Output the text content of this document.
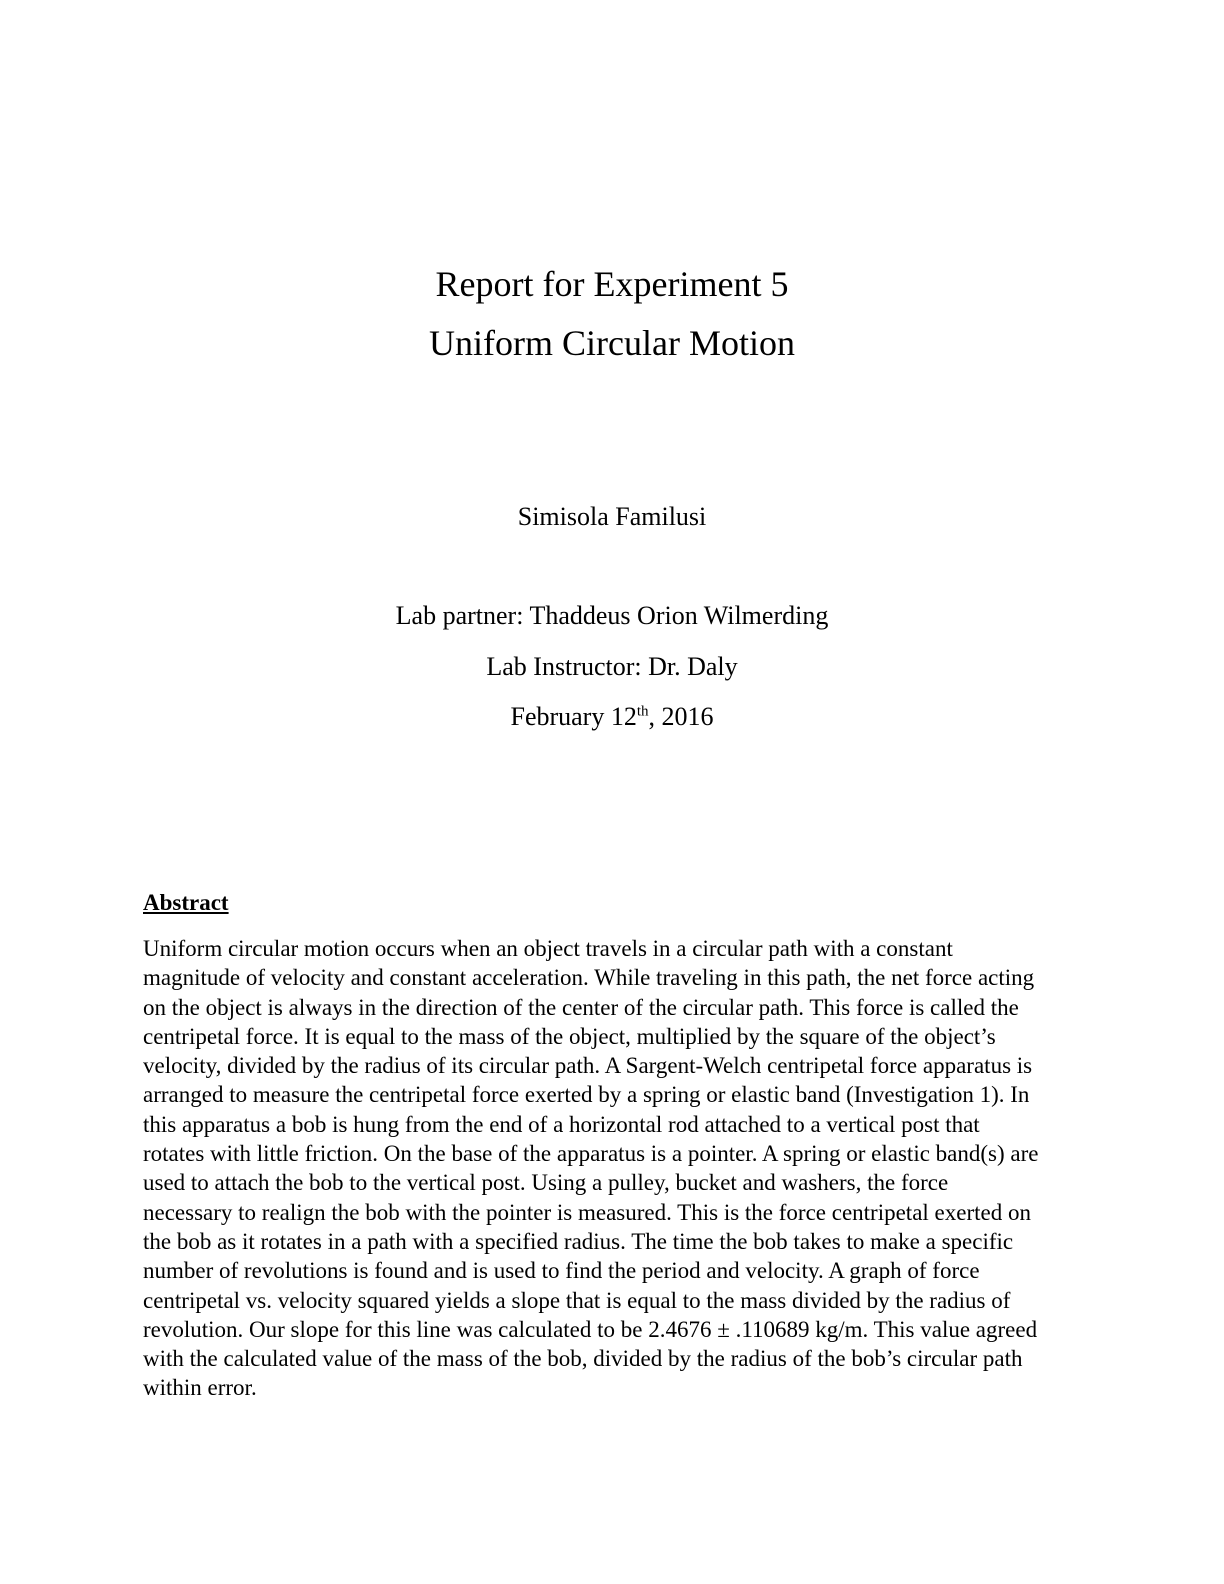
Report for Experiment 5
Uniform Circular Motion
Simisola Familusi
Lab partner: Thaddeus Orion Wilmerding
Lab Instructor: Dr. Daly
February 12th, 2016
Abstract
Uniform circular motion occurs when an object travels in a circular path with a constant
magnitude of velocity and constant acceleration. While traveling in this path, the net force acting
on the object is always in the direction of the center of the circular path. This force is called the
centripetal force. It is equal to the mass of the object, multiplied by the square of the object’s
velocity, divided by the radius of its circular path. A Sargent-Welch centripetal force apparatus is
arranged to measure the centripetal force exerted by a spring or elastic band (Investigation 1). In
this apparatus a bob is hung from the end of a horizontal rod attached to a vertical post that
rotates with little friction. On the base of the apparatus is a pointer. A spring or elastic band(s) are
used to attach the bob to the vertical post. Using a pulley, bucket and washers, the force
necessary to realign the bob with the pointer is measured. This is the force centripetal exerted on
the bob as it rotates in a path with a specified radius. The time the bob takes to make a specific
number of revolutions is found and is used to find the period and velocity. A graph of force
centripetal vs. velocity squared yields a slope that is equal to the mass divided by the radius of
revolution. Our slope for this line was calculated to be 2.4676 ± .110689 kg/m. This value agreed
with the calculated value of the mass of the bob, divided by the radius of the bob’s circular path
within error.
